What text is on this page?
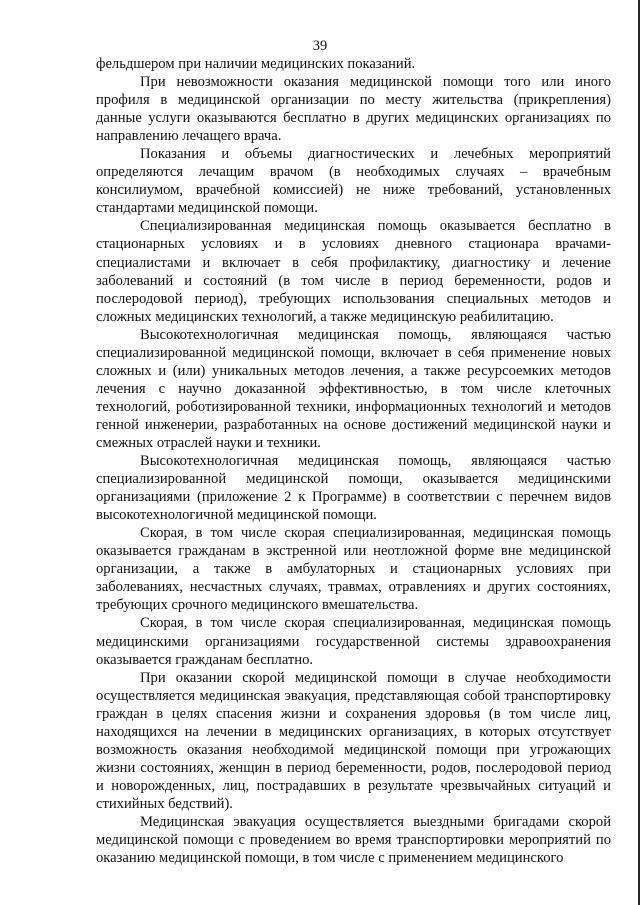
39

фельдшером при наличии медицинских показаний.

При невозможности оказания медицинской помощи того или иного профиля в медицинской организации по месту жительства (прикрепления) данные услуги оказываются бесплатно в других медицинских организациях по направлению лечащего врача.

Показания и объемы диагностических и лечебных мероприятий определяются лечащим врачом (в необходимых случаях – врачебным консилиумом, врачебной комиссией) не ниже требований, установленных стандартами медицинской помощи.

Специализированная медицинская помощь оказывается бесплатно в стационарных условиях и в условиях дневного стационара врачами-специалистами и включает в себя профилактику, диагностику и лечение заболеваний и состояний (в том числе в период беременности, родов и послеродовой период), требующих использования специальных методов и сложных медицинских технологий, а также медицинскую реабилитацию.

Высокотехнологичная медицинская помощь, являющаяся частью специализированной медицинской помощи, включает в себя применение новых сложных и (или) уникальных методов лечения, а также ресурсоемких методов лечения с научно доказанной эффективностью, в том числе клеточных технологий, роботизированной техники, информационных технологий и методов генной инженерии, разработанных на основе достижений медицинской науки и смежных отраслей науки и техники.

Высокотехнологичная медицинская помощь, являющаяся частью специализированной медицинской помощи, оказывается медицинскими организациями (приложение 2 к Программе) в соответствии с перечнем видов высокотехнологичной медицинской помощи.

Скорая, в том числе скорая специализированная, медицинская помощь оказывается гражданам в экстренной или неотложной форме вне медицинской организации, а также в амбулаторных и стационарных условиях при заболеваниях, несчастных случаях, травмах, отравлениях и других состояниях, требующих срочного медицинского вмешательства.

Скорая, в том числе скорая специализированная, медицинская помощь медицинскими организациями государственной системы здравоохранения оказывается гражданам бесплатно.

При оказании скорой медицинской помощи в случае необходимости осуществляется медицинская эвакуация, представляющая собой транспортировку граждан в целях спасения жизни и сохранения здоровья (в том числе лиц, находящихся на лечении в медицинских организациях, в которых отсутствует возможность оказания необходимой медицинской помощи при угрожающих жизни состояниях, женщин в период беременности, родов, послеродовой период и новорожденных, лиц, пострадавших в результате чрезвычайных ситуаций и стихийных бедствий).

Медицинская эвакуация осуществляется выездными бригадами скорой медицинской помощи с проведением во время транспортировки мероприятий по оказанию медицинской помощи, в том числе с применением медицинского
